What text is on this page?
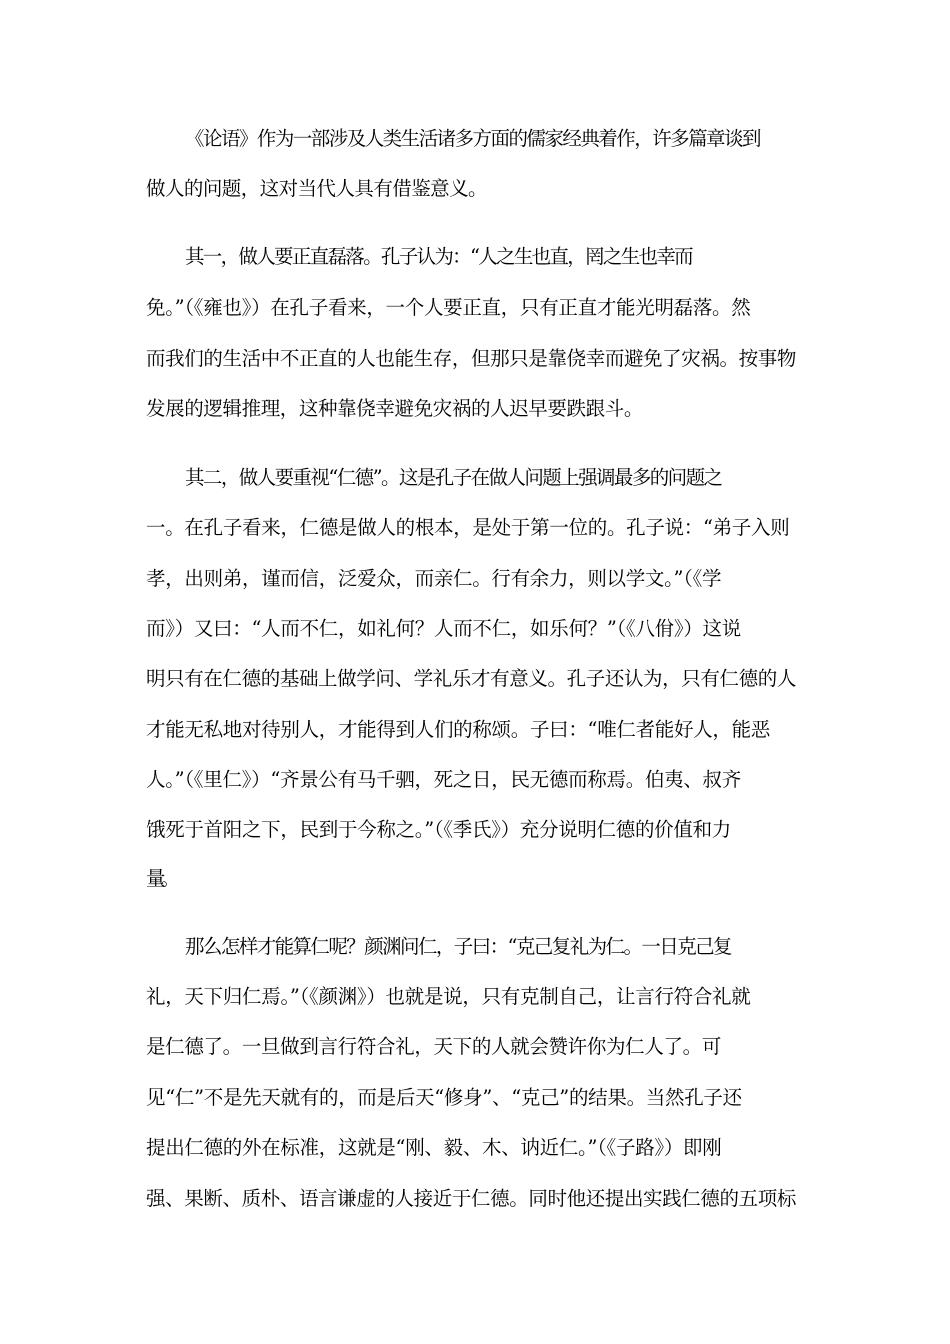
《论语》作为一部涉及人类生活诸多方面的儒家经典着作，许多篇章谈到
做人的问题，这对当代人具有借鉴意义。
其一，做人要正直磊落。孔子认为：“人之生也直，罔之生也幸而
免。”（《雍也》）在孔子看来，一个人要正直，只有正直才能光明磊落。然
而我们的生活中不正直的人也能生存，但那只是靠侥幸而避免了灾祸。按事物
发展的逻辑推理，这种靠侥幸避免灾祸的人迟早要跌跟斗。
其二，做人要重视“仁德”。这是孔子在做人问题上强调最多的问题之
一。在孔子看来，仁德是做人的根本，是处于第一位的。孔子说：“弟子入则
孝，出则弟，谨而信，泛爱众，而亲仁。行有余力，则以学文。”（《学
而》）又曰：“人而不仁，如礼何？人而不仁，如乐何？”（《八佾》）这说
明只有在仁德的基础上做学问、学礼乐才有意义。孔子还认为，只有仁德的人
才能无私地对待别人，才能得到人们的称颂。子曰：“唯仁者能好人，能恶
人。”（《里仁》）“齐景公有马千驷，死之日，民无德而称焉。伯夷、叔齐
饿死于首阳之下，民到于今称之。”（《季氏》）充分说明仁德的价值和力
量。
那么怎样才能算仁呢？颜渊问仁，子曰：“克己复礼为仁。一日克己复
礼，天下归仁焉。”（《颜渊》）也就是说，只有克制自己，让言行符合礼就
是仁德了。一旦做到言行符合礼，天下的人就会赞许你为仁人了。可
见“仁”不是先天就有的，而是后天“修身”、“克己”的结果。当然孔子还
提出仁德的外在标准，这就是“刚、毅、木、讷近仁。”（《子路》）即刚
强、果断、质朴、语言谦虚的人接近于仁德。同时他还提出实践仁德的五项标
